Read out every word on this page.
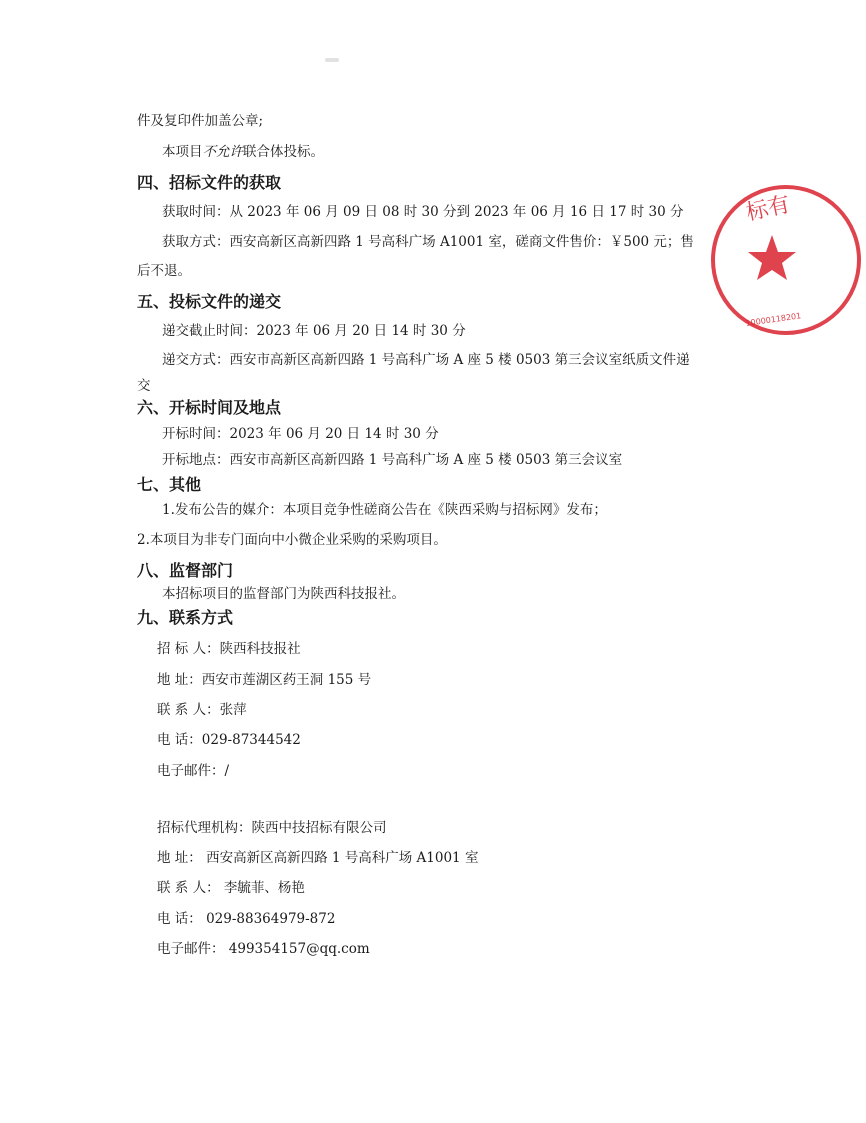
件及复印件加盖公章;
本项目不允许联合体投标。
四、招标文件的获取
获取时间：从 2023 年 06 月 09 日 08 时 30 分到 2023 年 06 月 16 日 17 时 30 分
获取方式：西安高新区高新四路 1 号高科广场 A1001 室，磋商文件售价：￥500 元；售
后不退。
五、投标文件的递交
递交截止时间：2023 年 06 月 20 日 14 时 30 分
递交方式：西安市高新区高新四路 1 号高科广场 A 座 5 楼 0503 第三会议室纸质文件递
交
六、开标时间及地点
开标时间：2023 年 06 月 20 日 14 时 30 分
开标地点：西安市高新区高新四路 1 号高科广场 A 座 5 楼 0503 第三会议室
七、其他
1.发布公告的媒介：本项目竞争性磋商公告在《陕西采购与招标网》发布；
2.本项目为非专门面向中小微企业采购的采购项目。
八、监督部门
本招标项目的监督部门为陕西科技报社。
九、联系方式
招 标 人：陕西科技报社
地 址：西安市莲湖区药王洞 155 号
联 系 人：张萍
电 话：029-87344542
电子邮件：/
招标代理机构：陕西中技招标有限公司
地 址： 西安高新区高新四路 1 号高科广场 A1001 室
联 系 人： 李毓菲、杨艳
电 话： 029-88364979-872
电子邮件： 499354157@qq.com
标有
10000118201
